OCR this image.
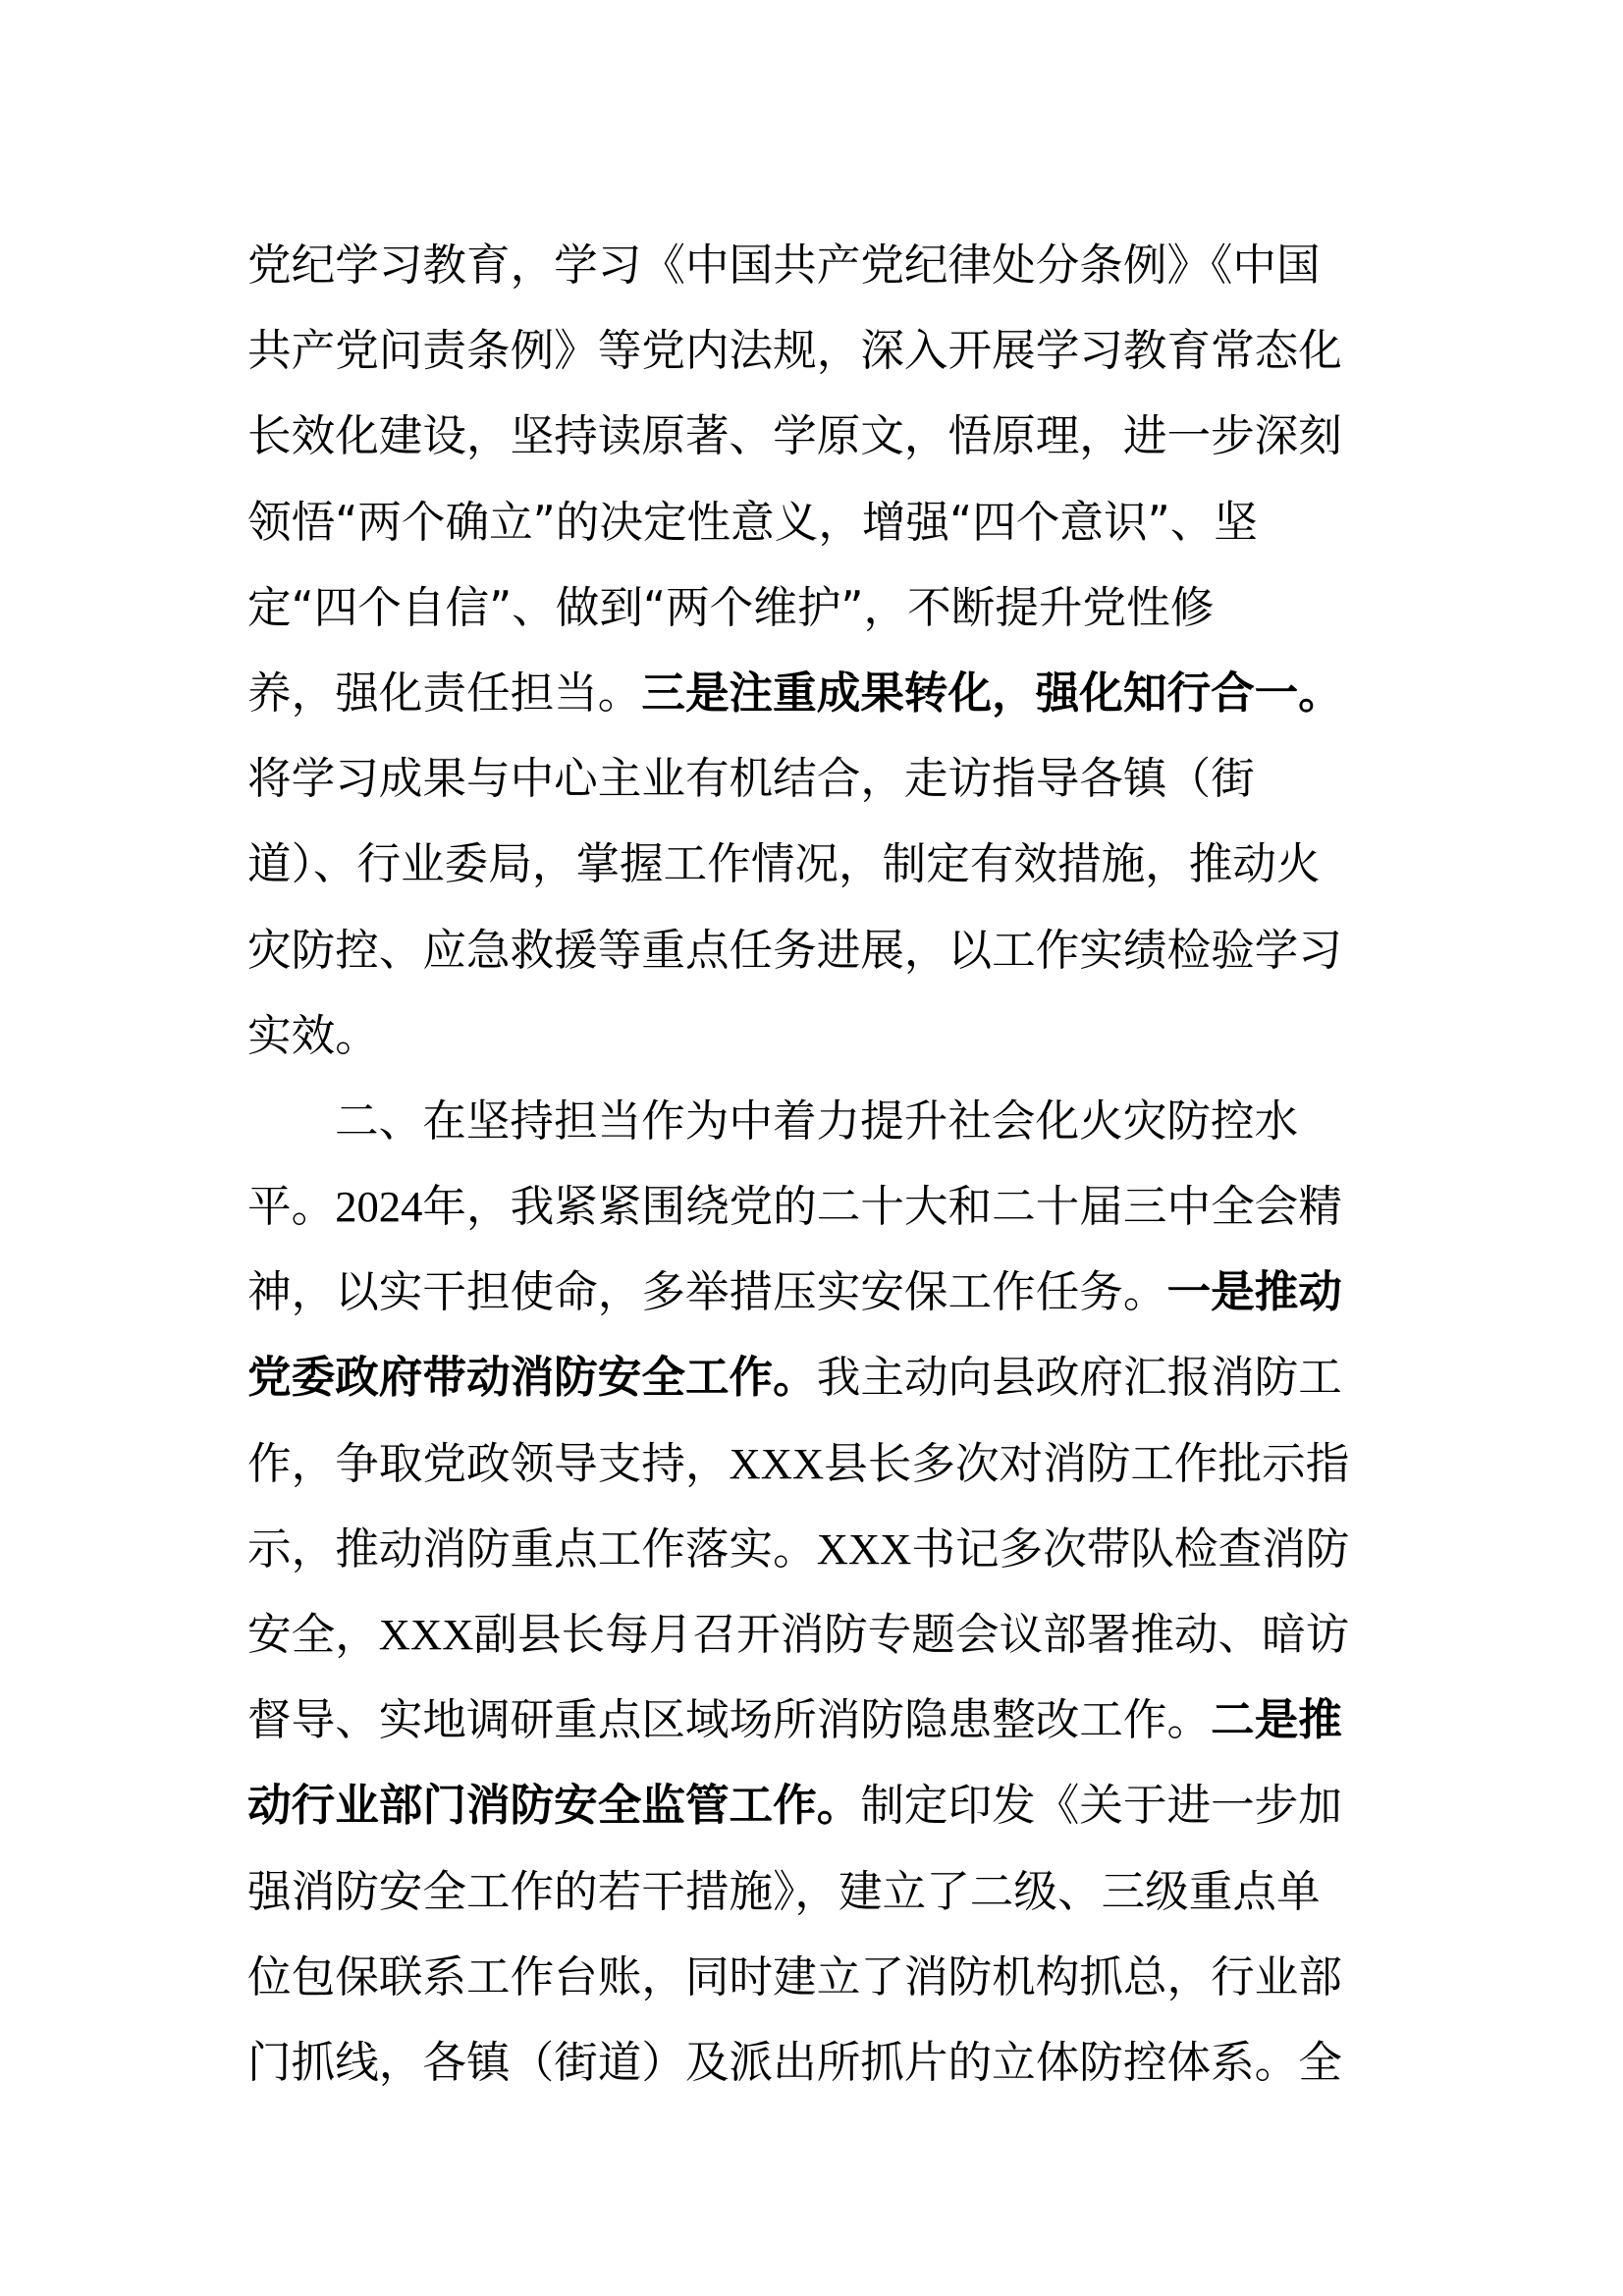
党纪学习教育，学习《中国共产党纪律处分条例》《中国
共产党问责条例》等党内法规，深入开展学习教育常态化
长效化建设，坚持读原著、学原文，悟原理，进一步深刻
领悟“两个确立”的决定性意义，增强“四个意识”、坚
定“四个自信”、做到“两个维护”，不断提升党性修
养，强化责任担当。三是注重成果转化，强化知行合一。
将学习成果与中心主业有机结合，走访指导各镇（街
道）、行业委局，掌握工作情况，制定有效措施，推动火
灾防控、应急救援等重点任务进展，以工作实绩检验学习
实效。
二、在坚持担当作为中着力提升社会化火灾防控水
平。2024年，我紧紧围绕党的二十大和二十届三中全会精
神，以实干担使命，多举措压实安保工作任务。一是推动
党委政府带动消防安全工作。我主动向县政府汇报消防工
作，争取党政领导支持，XXX县长多次对消防工作批示指
示，推动消防重点工作落实。XXX书记多次带队检查消防
安全，XXX副县长每月召开消防专题会议部署推动、暗访
督导、实地调研重点区域场所消防隐患整改工作。二是推
动行业部门消防安全监管工作。制定印发《关于进一步加
强消防安全工作的若干措施》，建立了二级、三级重点单
位包保联系工作台账，同时建立了消防机构抓总，行业部
门抓线，各镇（街道）及派出所抓片的立体防控体系。全
